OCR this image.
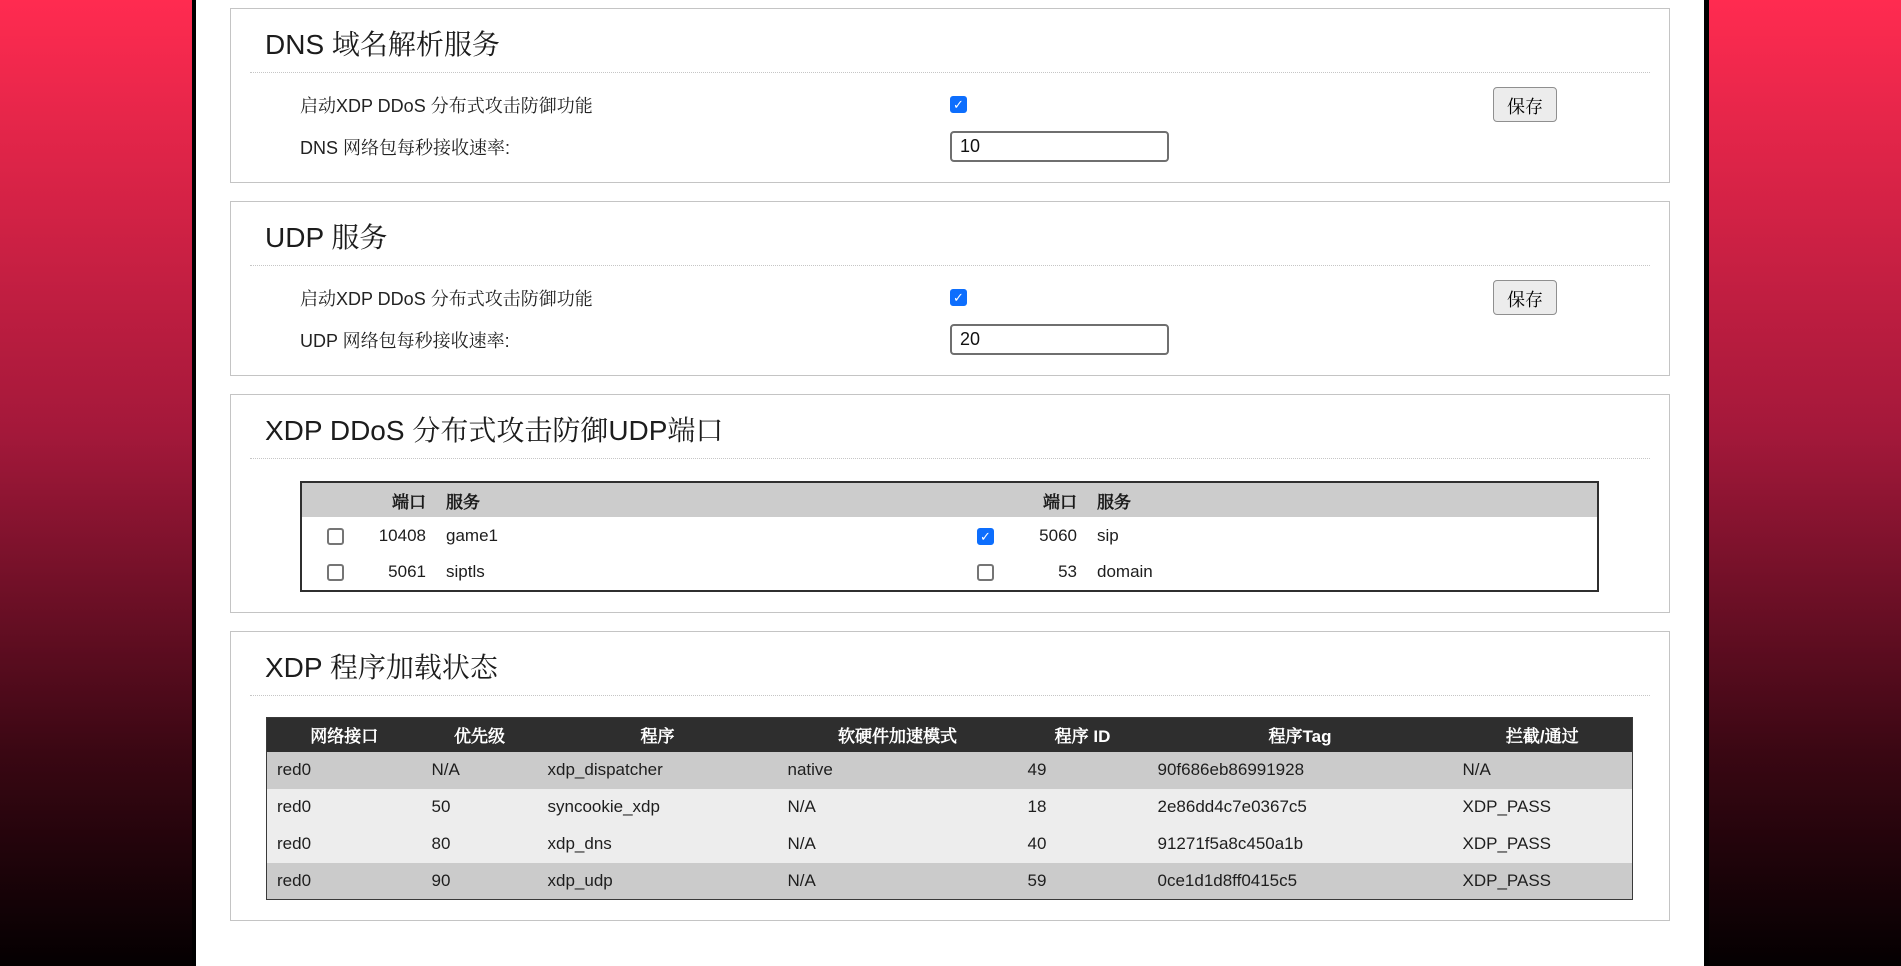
DNS 域名解析服务
启动XDP DDoS 分布式攻击防御功能	✓	保存
DNS 网络包每秒接收速率:
10
UDP 服务
启动XDP DDoS 分布式攻击防御功能	✓	保存
UDP 网络包每秒接收速率:
20
XDP DDoS 分布式攻击防御UDP端口
	端口	服务		端口	服务
	10408	game1	✓	5060	sip
	5061	siptls		53	domain
XDP 程序加载状态
网络接口	优先级	程序	软硬件加速模式	程序 ID	程序Tag	拦截/通过
red0	N/A	xdp_dispatcher	native	49	90f686eb86991928	N/A
red0	50	syncookie_xdp	N/A	18	2e86dd4c7e0367c5	XDP_PASS
red0	80	xdp_dns	N/A	40	91271f5a8c450a1b	XDP_PASS
red0	90	xdp_udp	N/A	59	0ce1d1d8ff0415c5	XDP_PASS
